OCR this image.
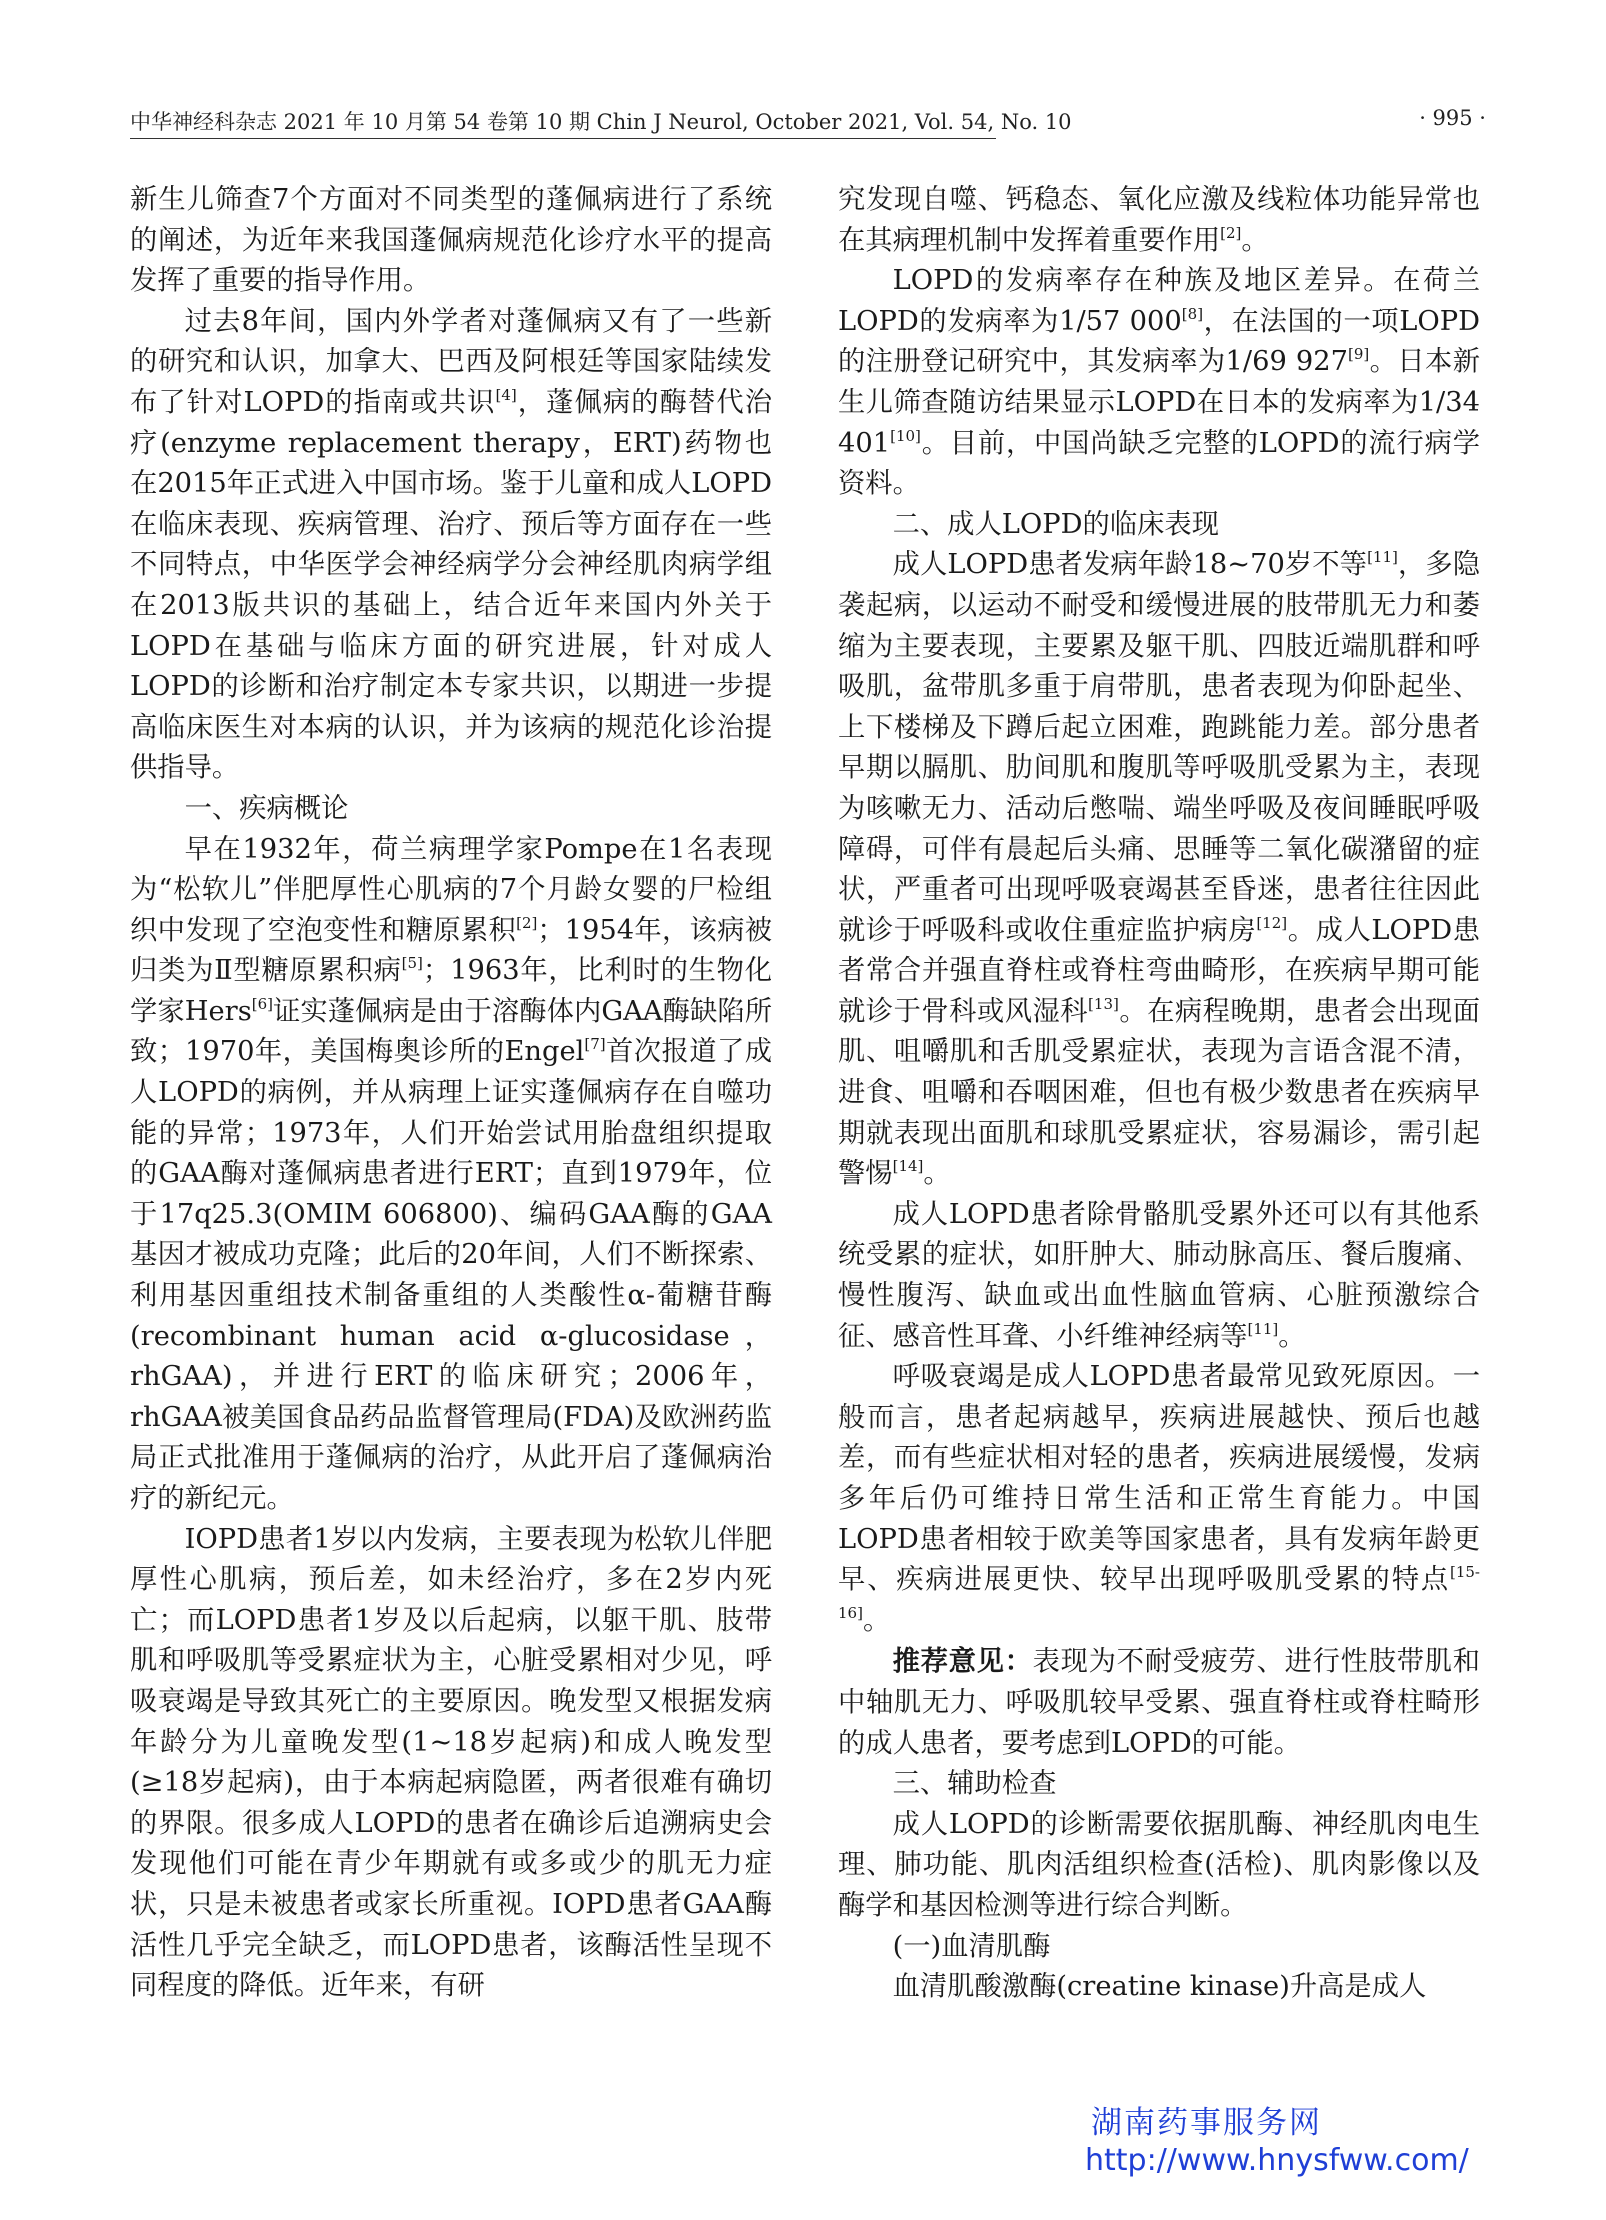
中华神经科杂志 2021 年 10 月第 54 卷第 10 期 Chin J Neurol, October 2021, Vol. 54, No. 10	· 995 ·

新生儿筛查7个方面对不同类型的蓬佩病进行了系统的阐述，为近年来我国蓬佩病规范化诊疗水平的提高发挥了重要的指导作用。

过去8年间，国内外学者对蓬佩病又有了一些新的研究和认识，加拿大、巴西及阿根廷等国家陆续发布了针对LOPD的指南或共识[4]，蓬佩病的酶替代治疗(enzyme replacement therapy，ERT)药物也在2015年正式进入中国市场。鉴于儿童和成人LOPD在临床表现、疾病管理、治疗、预后等方面存在一些不同特点，中华医学会神经病学分会神经肌肉病学组在2013版共识的基础上，结合近年来国内外关于LOPD在基础与临床方面的研究进展，针对成人LOPD的诊断和治疗制定本专家共识，以期进一步提高临床医生对本病的认识，并为该病的规范化诊治提供指导。

一、疾病概论

早在1932年，荷兰病理学家Pompe在1名表现为“松软儿”伴肥厚性心肌病的7个月龄女婴的尸检组织中发现了空泡变性和糖原累积[2]；1954年，该病被归类为Ⅱ型糖原累积病[5]；1963年，比利时的生物化学家Hers[6]证实蓬佩病是由于溶酶体内GAA酶缺陷所致；1970年，美国梅奥诊所的Engel[7]首次报道了成人LOPD的病例，并从病理上证实蓬佩病存在自噬功能的异常；1973年，人们开始尝试用胎盘组织提取的GAA酶对蓬佩病患者进行ERT；直到1979年，位于17q25.3(OMIM 606800)、编码GAA酶的GAA基因才被成功克隆；此后的20年间，人们不断探索、利用基因重组技术制备重组的人类酸性α-葡糖苷酶(recombinant human acid α-glucosidase，rhGAA)，并进行ERT的临床研究；2006年，rhGAA被美国食品药品监督管理局(FDA)及欧洲药监局正式批准用于蓬佩病的治疗，从此开启了蓬佩病治疗的新纪元。

IOPD患者1岁以内发病，主要表现为松软儿伴肥厚性心肌病，预后差，如未经治疗，多在2岁内死亡；而LOPD患者1岁及以后起病，以躯干肌、肢带肌和呼吸肌等受累症状为主，心脏受累相对少见，呼吸衰竭是导致其死亡的主要原因。晚发型又根据发病年龄分为儿童晚发型(1~18岁起病)和成人晚发型(≥18岁起病)，由于本病起病隐匿，两者很难有确切的界限。很多成人LOPD的患者在确诊后追溯病史会发现他们可能在青少年期就有或多或少的肌无力症状，只是未被患者或家长所重视。IOPD患者GAA酶活性几乎完全缺乏，而LOPD患者，该酶活性呈现不同程度的降低。近年来，有研

究发现自噬、钙稳态、氧化应激及线粒体功能异常也在其病理机制中发挥着重要作用[2]。

LOPD的发病率存在种族及地区差异。在荷兰LOPD的发病率为1/57 000[8]，在法国的一项LOPD的注册登记研究中，其发病率为1/69 927[9]。日本新生儿筛查随访结果显示LOPD在日本的发病率为1/34 401[10]。目前，中国尚缺乏完整的LOPD的流行病学资料。

二、成人LOPD的临床表现

成人LOPD患者发病年龄18~70岁不等[11]，多隐袭起病，以运动不耐受和缓慢进展的肢带肌无力和萎缩为主要表现，主要累及躯干肌、四肢近端肌群和呼吸肌，盆带肌多重于肩带肌，患者表现为仰卧起坐、上下楼梯及下蹲后起立困难，跑跳能力差。部分患者早期以膈肌、肋间肌和腹肌等呼吸肌受累为主，表现为咳嗽无力、活动后憋喘、端坐呼吸及夜间睡眠呼吸障碍，可伴有晨起后头痛、思睡等二氧化碳潴留的症状，严重者可出现呼吸衰竭甚至昏迷，患者往往因此就诊于呼吸科或收住重症监护病房[12]。成人LOPD患者常合并强直脊柱或脊柱弯曲畸形，在疾病早期可能就诊于骨科或风湿科[13]。在病程晚期，患者会出现面肌、咀嚼肌和舌肌受累症状，表现为言语含混不清，进食、咀嚼和吞咽困难，但也有极少数患者在疾病早期就表现出面肌和球肌受累症状，容易漏诊，需引起警惕[14]。

成人LOPD患者除骨骼肌受累外还可以有其他系统受累的症状，如肝肿大、肺动脉高压、餐后腹痛、慢性腹泻、缺血或出血性脑血管病、心脏预激综合征、感音性耳聋、小纤维神经病等[11]。

呼吸衰竭是成人LOPD患者最常见致死原因。一般而言，患者起病越早，疾病进展越快、预后也越差，而有些症状相对轻的患者，疾病进展缓慢，发病多年后仍可维持日常生活和正常生育能力。中国LOPD患者相较于欧美等国家患者，具有发病年龄更早、疾病进展更快、较早出现呼吸肌受累的特点[15-16]。

推荐意见：表现为不耐受疲劳、进行性肢带肌和中轴肌无力、呼吸肌较早受累、强直脊柱或脊柱畸形的成人患者，要考虑到LOPD的可能。

三、辅助检查

成人LOPD的诊断需要依据肌酶、神经肌肉电生理、肺功能、肌肉活组织检查(活检)、肌肉影像以及酶学和基因检测等进行综合判断。

(一)血清肌酶

血清肌酸激酶(creatine kinase)升高是成人

湖南药事服务网
http://www.hnysfww.com/
